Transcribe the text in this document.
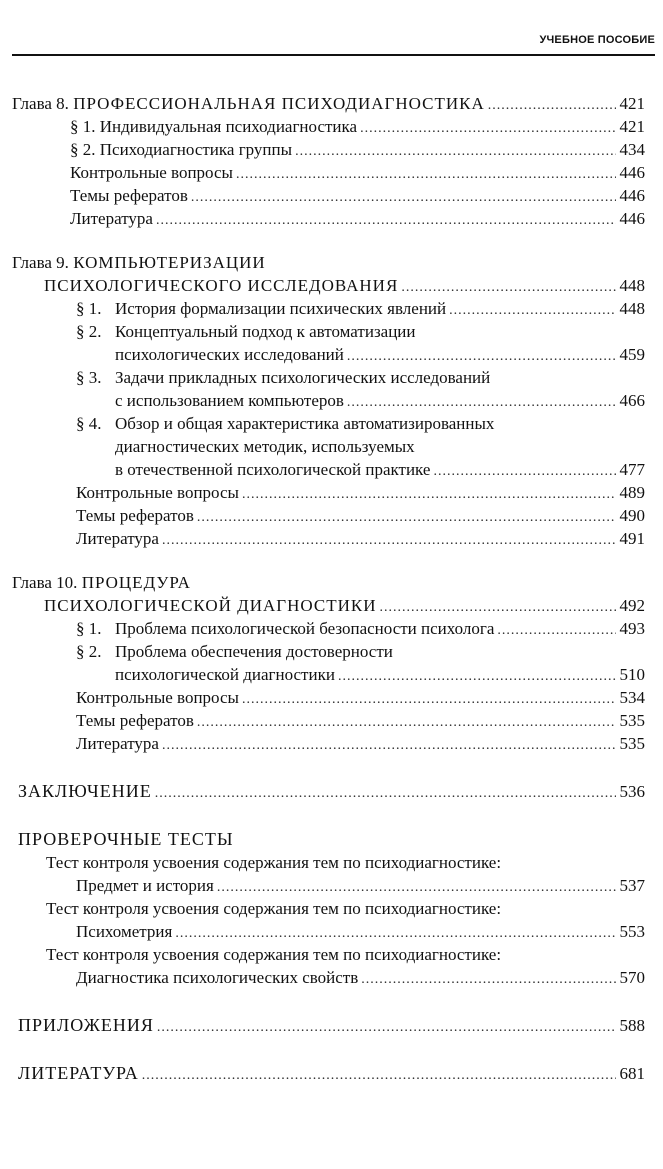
УЧЕБНОЕ ПОСОБИЕ
Глава 8. ПРОФЕССИОНАЛЬНАЯ ПСИХОДИАГНОСТИКА .....	421
§ 1. Индивидуальная психодиагностика .....	421
§ 2. Психодиагностика группы .....	434
Контрольные вопросы .....	446
Темы рефератов .....	446
Литература .....	446
Глава 9. КОМПЬЮТЕРИЗАЦИИ
ПСИХОЛОГИЧЕСКОГО ИССЛЕДОВАНИЯ .....	448
§ 1. История формализации психических явлений .....	448
§ 2. Концептуальный подход к автоматизации
психологических исследований .....	459
§ 3. Задачи прикладных психологических исследований
с использованием компьютеров .....	466
§ 4. Обзор и общая характеристика автоматизированных
диагностических методик, используемых
в отечественной психологической практике .....	477
Контрольные вопросы .....	489
Темы рефератов .....	490
Литература .....	491
Глава 10. ПРОЦЕДУРА
ПСИХОЛОГИЧЕСКОЙ ДИАГНОСТИКИ .....	492
§ 1. Проблема психологической безопасности психолога .....	493
§ 2. Проблема обеспечения достоверности
психологической диагностики .....	510
Контрольные вопросы .....	534
Темы рефератов .....	535
Литература .....	535
ЗАКЛЮЧЕНИЕ .....	536
ПРОВЕРОЧНЫЕ ТЕСТЫ
Тест контроля усвоения содержания тем по психодиагностике:
Предмет и история .....	537
Тест контроля усвоения содержания тем по психодиагностике:
Психометрия .....	553
Тест контроля усвоения содержания тем по психодиагностике:
Диагностика психологических свойств .....	570
ПРИЛОЖЕНИЯ .....	588
ЛИТЕРАТУРА .....	681
